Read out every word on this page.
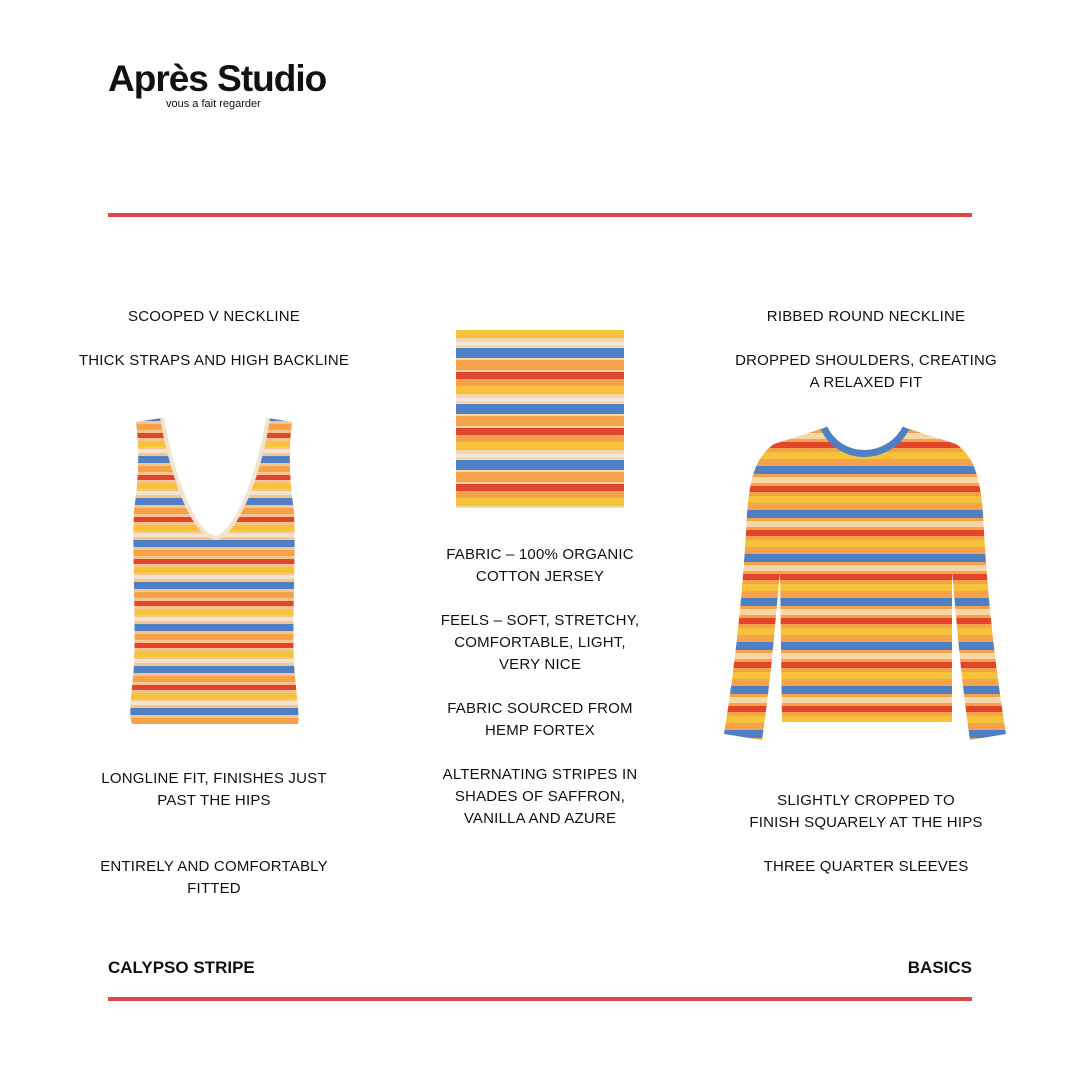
Après Studio
vous a fait regarder
SCOOPED V NECKLINE
THICK STRAPS AND HIGH BACKLINE
LONGLINE FIT, FINISHES JUST
PAST THE HIPS
ENTIRELY AND COMFORTABLY
FITTED
FABRIC – 100% ORGANIC
COTTON JERSEY
FEELS – SOFT, STRETCHY,
COMFORTABLE, LIGHT,
VERY NICE
FABRIC SOURCED FROM
HEMP FORTEX
ALTERNATING STRIPES IN
SHADES OF SAFFRON,
VANILLA AND AZURE
RIBBED ROUND NECKLINE
DROPPED SHOULDERS, CREATING
A RELAXED FIT
SLIGHTLY CROPPED TO
FINISH SQUARELY AT THE HIPS
THREE QUARTER SLEEVES
CALYPSO STRIPE	BASICS
